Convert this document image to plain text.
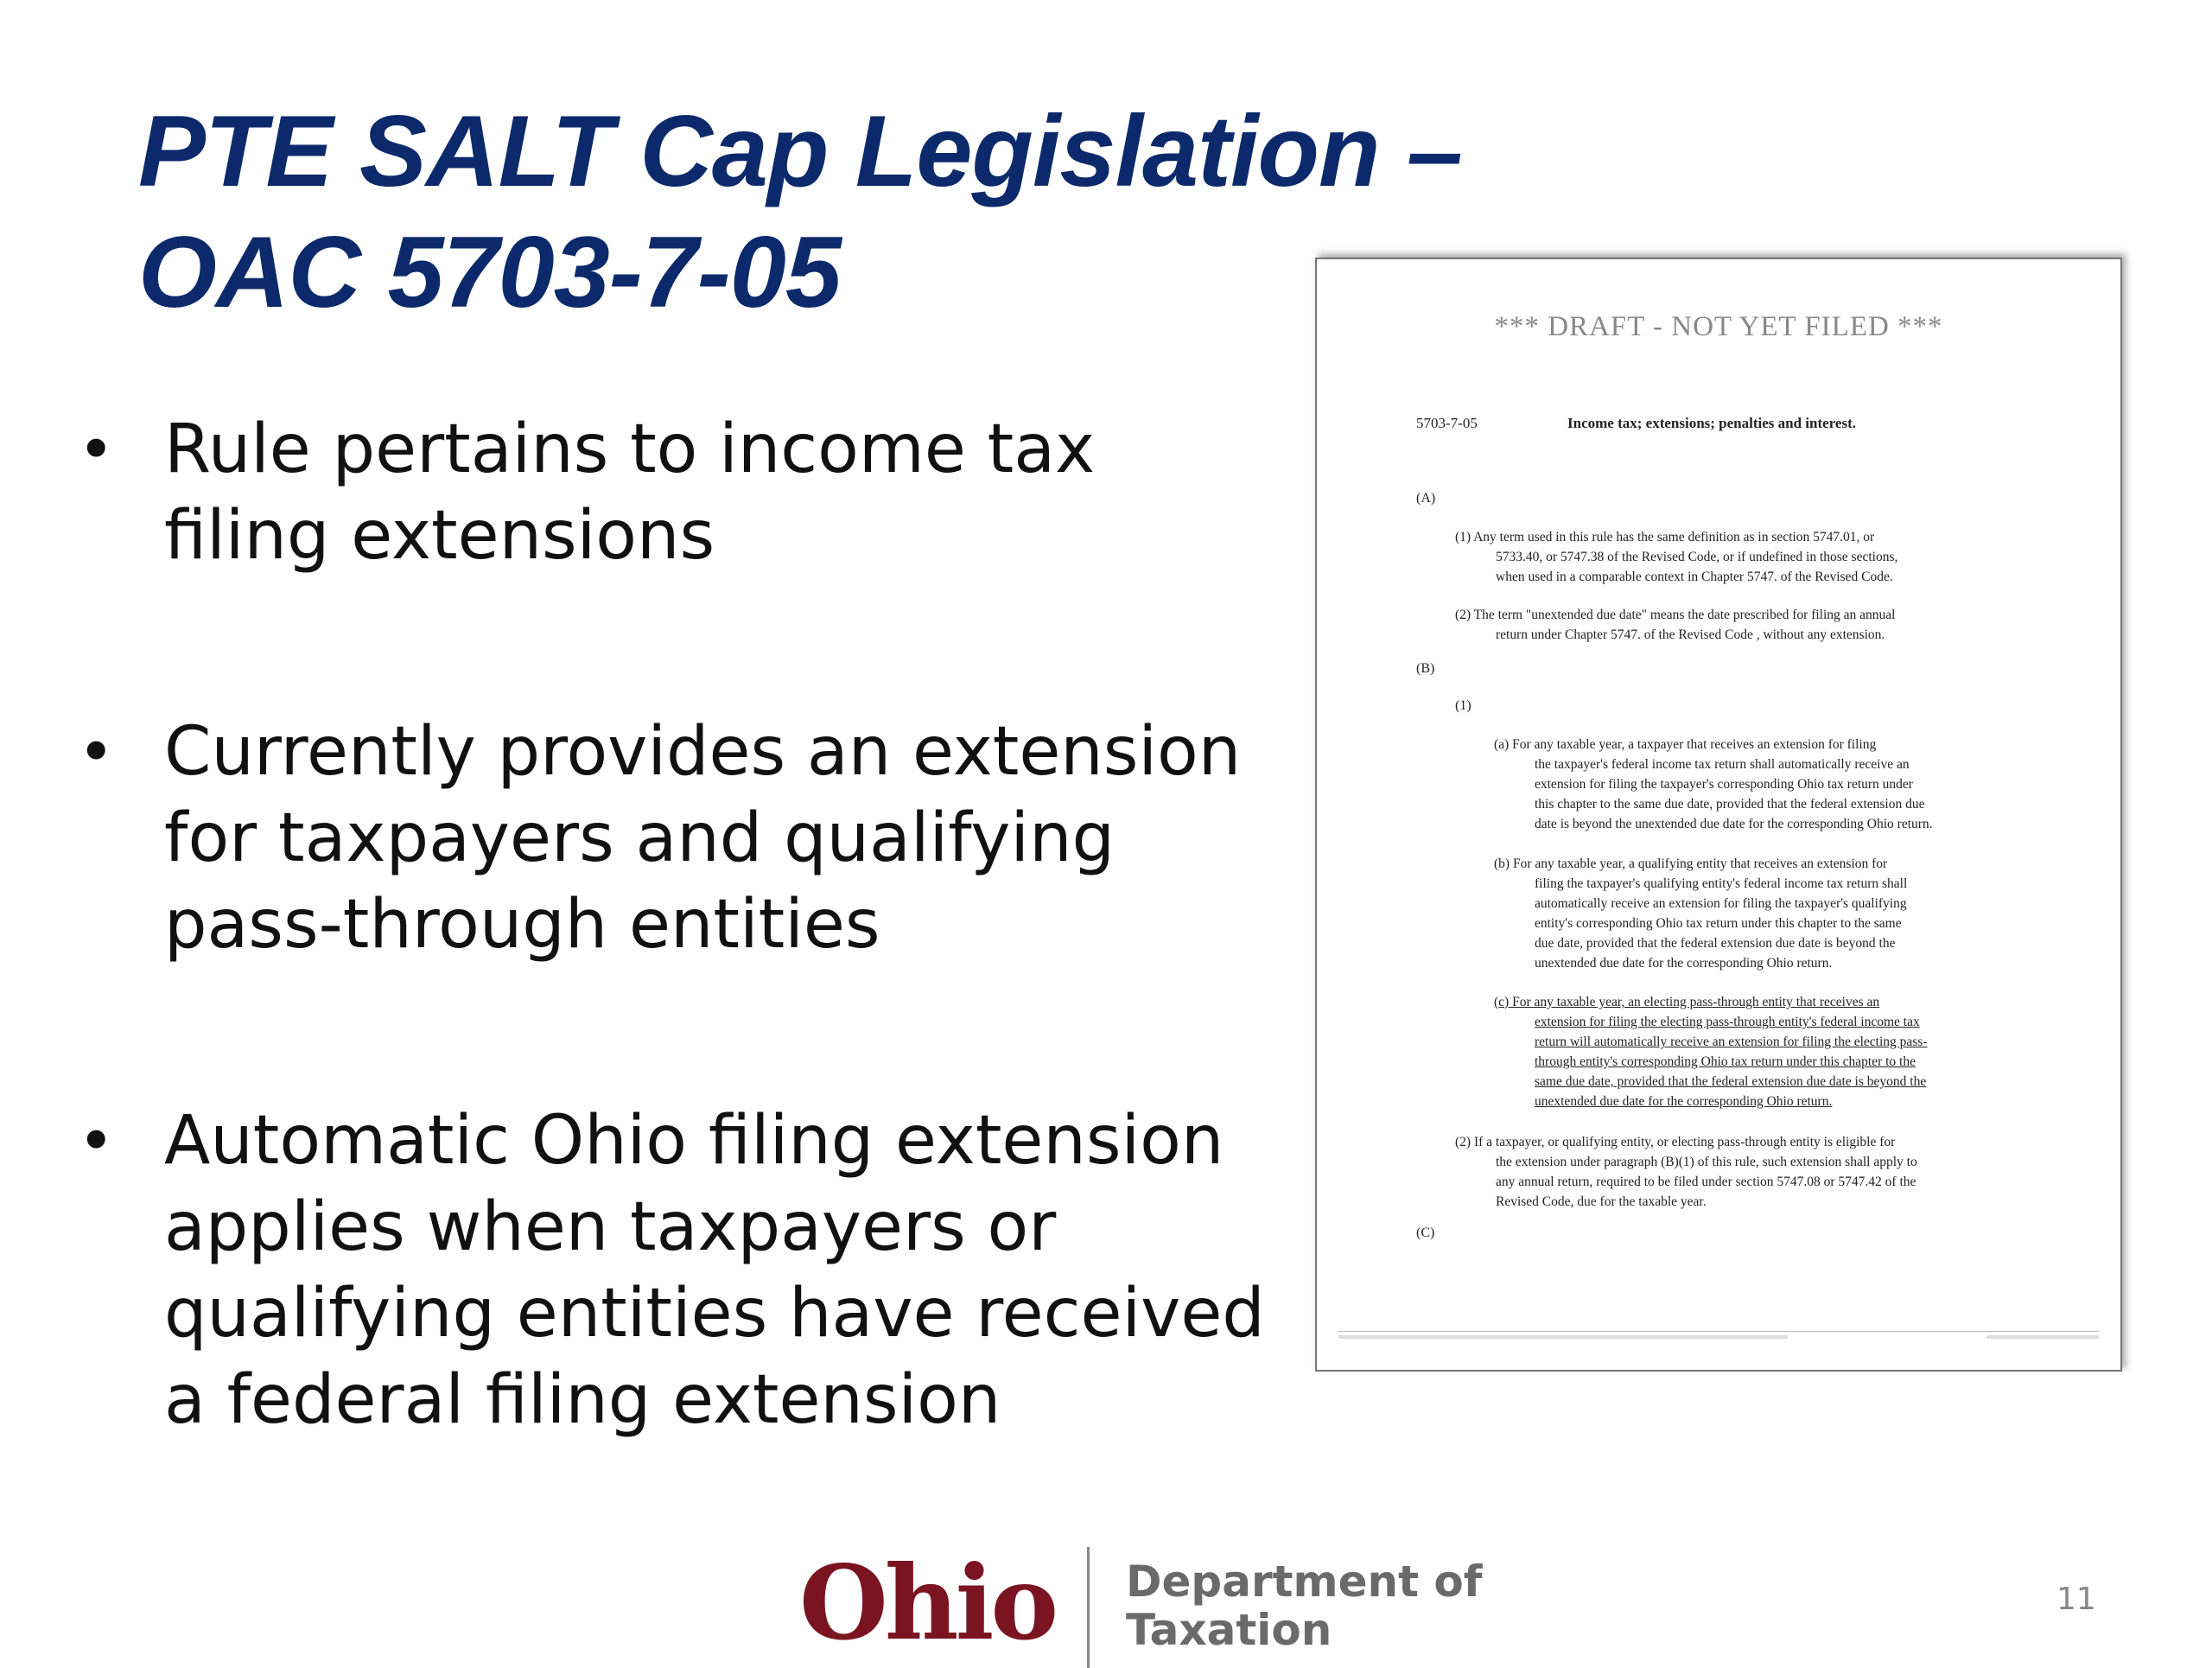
PTE SALT Cap Legislation –
OAC 5703-7-05
• Rule pertains to income tax
filing extensions
• Currently provides an extension
for taxpayers and qualifying
pass-through entities
• Automatic Ohio filing extension
applies when taxpayers or
qualifying entities have received
a federal filing extension
*** DRAFT - NOT YET FILED ***
5703-7-05	Income tax; extensions; penalties and interest.
(A)
(1) Any term used in this rule has the same definition as in section 5747.01, or
5733.40, or 5747.38 of the Revised Code, or if undefined in those sections,
when used in a comparable context in Chapter 5747. of the Revised Code.
(2) The term "unextended due date" means the date prescribed for filing an annual
return under Chapter 5747. of the Revised Code , without any extension.
(B)
(1)
(a) For any taxable year, a taxpayer that receives an extension for filing
the taxpayer's federal income tax return shall automatically receive an
extension for filing the taxpayer's corresponding Ohio tax return under
this chapter to the same due date, provided that the federal extension due
date is beyond the unextended due date for the corresponding Ohio return.
(b) For any taxable year, a qualifying entity that receives an extension for
filing the taxpayer's qualifying entity's federal income tax return shall
automatically receive an extension for filing the taxpayer's qualifying
entity's corresponding Ohio tax return under this chapter to the same
due date, provided that the federal extension due date is beyond the
unextended due date for the corresponding Ohio return.
(c) For any taxable year, an electing pass-through entity that receives an
extension for filing the electing pass-through entity's federal income tax
return will automatically receive an extension for filing the electing pass-
through entity's corresponding Ohio tax return under this chapter to the
same due date, provided that the federal extension due date is beyond the
unextended due date for the corresponding Ohio return.
(2) If a taxpayer, or qualifying entity, or electing pass-through entity is eligible for
the extension under paragraph (B)(1) of this rule, such extension shall apply to
any annual return, required to be filed under section 5747.08 or 5747.42 of the
Revised Code, due for the taxable year.
(C)
Ohio Department of
Taxation
11
